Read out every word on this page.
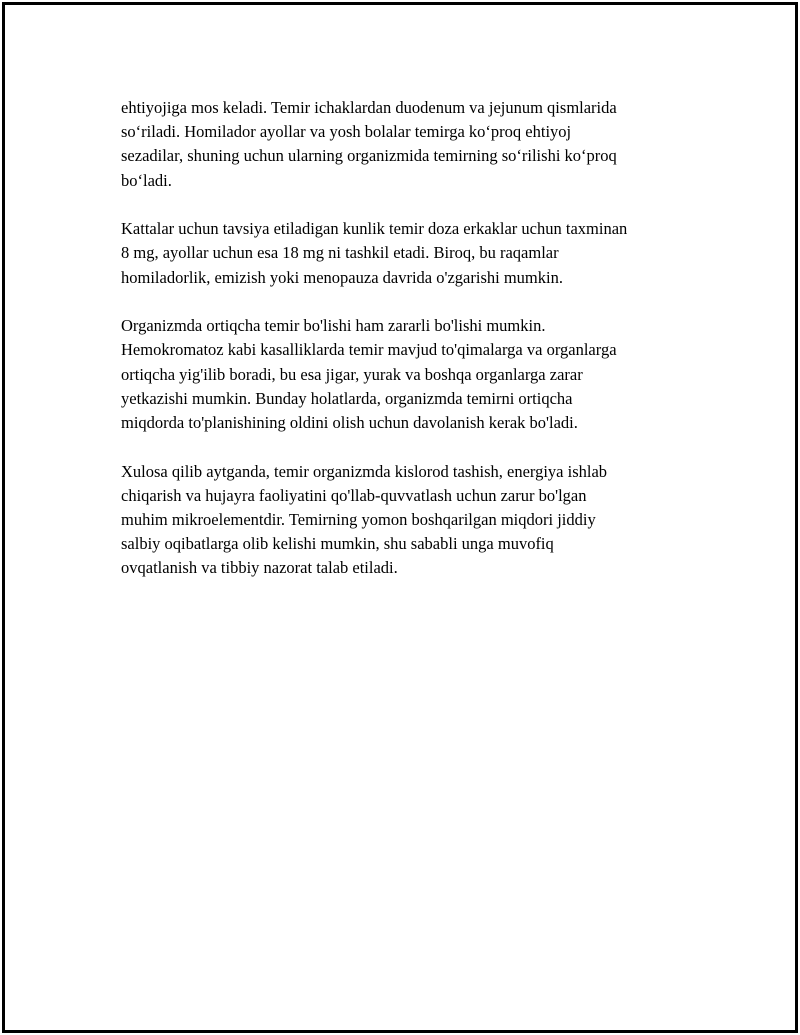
ehtiyojiga mos keladi. Temir ichaklardan duodenum va jejunum qismlarida
so‘riladi. Homilador ayollar va yosh bolalar temirga ko‘proq ehtiyoj
sezadilar, shuning uchun ularning organizmida temirning so‘rilishi ko‘proq
bo‘ladi.

Kattalar uchun tavsiya etiladigan kunlik temir doza erkaklar uchun taxminan
8 mg, ayollar uchun esa 18 mg ni tashkil etadi. Biroq, bu raqamlar
homiladorlik, emizish yoki menopauza davrida o'zgarishi mumkin.

Organizmda ortiqcha temir bo'lishi ham zararli bo'lishi mumkin.
Hemokromatoz kabi kasalliklarda temir mavjud to'qimalarga va organlarga
ortiqcha yig'ilib boradi, bu esa jigar, yurak va boshqa organlarga zarar
yetkazishi mumkin. Bunday holatlarda, organizmda temirni ortiqcha
miqdorda to'planishining oldini olish uchun davolanish kerak bo'ladi.

Xulosa qilib aytganda, temir organizmda kislorod tashish, energiya ishlab
chiqarish va hujayra faoliyatini qo'llab-quvvatlash uchun zarur bo'lgan
muhim mikroelementdir. Temirning yomon boshqarilgan miqdori jiddiy
salbiy oqibatlarga olib kelishi mumkin, shu sababli unga muvofiq
ovqatlanish va tibbiy nazorat talab etiladi.
